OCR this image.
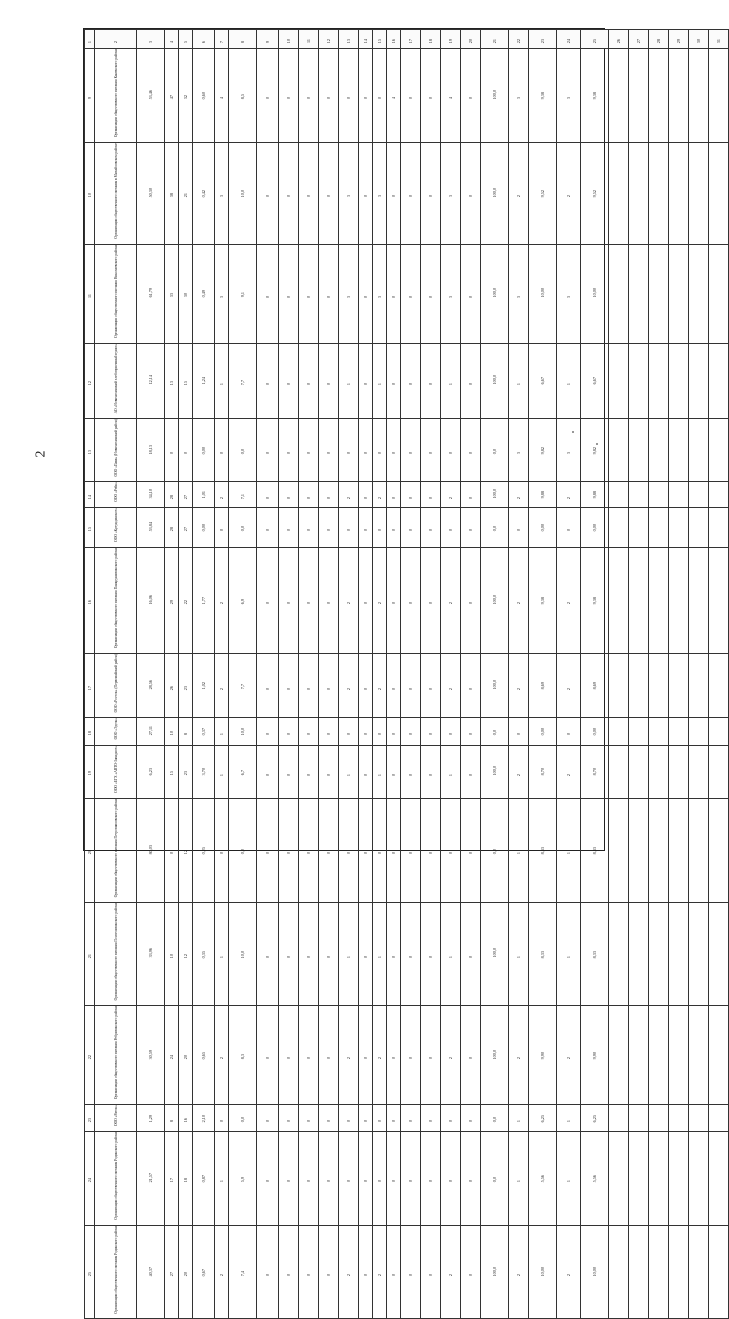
2
1	2	3	4	5	6	7	8	9	10	11	12	13	14	15	16	17	18	19	20	21	22	23	24	25	26	27	28	29	30	31
9	Организации общественного питания Каменского района	53,46	47	32	0,60	4	8,5	0	0	0	0	0	0	0	4	0	0	4	0	100,0	3	9,38	3	9,38						
10	Организации общественного питания в Михайловском районе	50,30	38	21	0,42	3	10,0	0	0	0	0	3	0	3	0	0	0	3	0	100,0	2	9,52	2	9,52						
11	Организации общественного питания Николаевского района	61,79	33	30	0,49	3	9,1	0	0	0	0	3	0	3	0	0	0	3	0	100,0	3	10,00	3	10,00						
12	АО «Новичихинский хлебоприемный пункт»	12,14	13	15	1,24	1	7,7	0	0	0	0	1	0	1	0	0	0	1	0	100,0	1	6,67	1	6,67						
13	ООО «Пава» (Новичихинский район)	18,13	0	0	0,00	0	0,0	0	0	0	0	0	0	0	0	0	0	0	0	0,0	3	9,82	3	9,82						
14	ООО «Рейн»	34,10	28	27	1,01	2	7,1	0	0	0	0	2	0	2	0	0	0	2	0	100,0	2	9,88	2	9,88						
15	ООО «Кулундинское»	53,84	28	27	0,00	0	0,0	0	0	0	0	0	0	0	0	0	0	0	0	0,0	0	0,00	0	0,00						
16	Организации общественного питания Панкрушихинского района	16,06	29	22	1,77	2	6,9	0	0	0	0	2	0	2	0	0	0	2	0	100,0	2	9,38	2	9,38						
17	ООО «Росток» (Первомайский район)	28,56	26	23	1,02	2	7,7	0	0	0	0	2	0	2	0	0	0	2	0	100,0	2	8,69	2	8,69						
18	ООО «Эдель»	27,11	10	8	0,37	1	10,0	0	0	0	0	0	0	0	0	0	0	0	0	0,0	0	0,00	0	0,00						
19	ООО «ЕГХ «АВТО-Западное»	6,23	15	23	3,70	1	6,7	0	0	0	0	1	0	1	0	0	0	1	0	100,0	2	8,70	2	8,70						
20	Организации общественного питания Петропавловского района	80,03	0	12	0,25	0	0,0	0	0	0	0	0	0	0	0	0	0	0	0	0,0	1	8,33	1	8,33						
21	Организации общественного питания Поспелихинского района	33,96	10	12	0,35	1	10,0	0	0	0	0	1	0	1	0	0	0	1	0	100,0	1	8,33	1	8,33						
22	Организации общественного питания Ребрихинского района	30,59	24	20	0,65	2	8,3	0	0	0	0	2	0	2	0	0	0	2	0	100,0	2	9,90	2	9,90						
23	ООО «Ратон»	1,29	8	16	2,10	0	0,0	0	0	0	0	0	0	0	0	0	0	0	0	0,0	1	6,25	1	6,25						
24	Организации общественного питания Родинского района	21,57	17	18	0,87	1	5,9	0	0	0	0	0	0	0	0	0	0	0	0	0,0	1	5,56	1	5,56						
25	Организации общественного питания Родинского района	40,37	27	20	0,67	2	7,4	0	0	0	0	2	0	2	0	0	0	2	0	100,0	2	10,00	2	10,00						
